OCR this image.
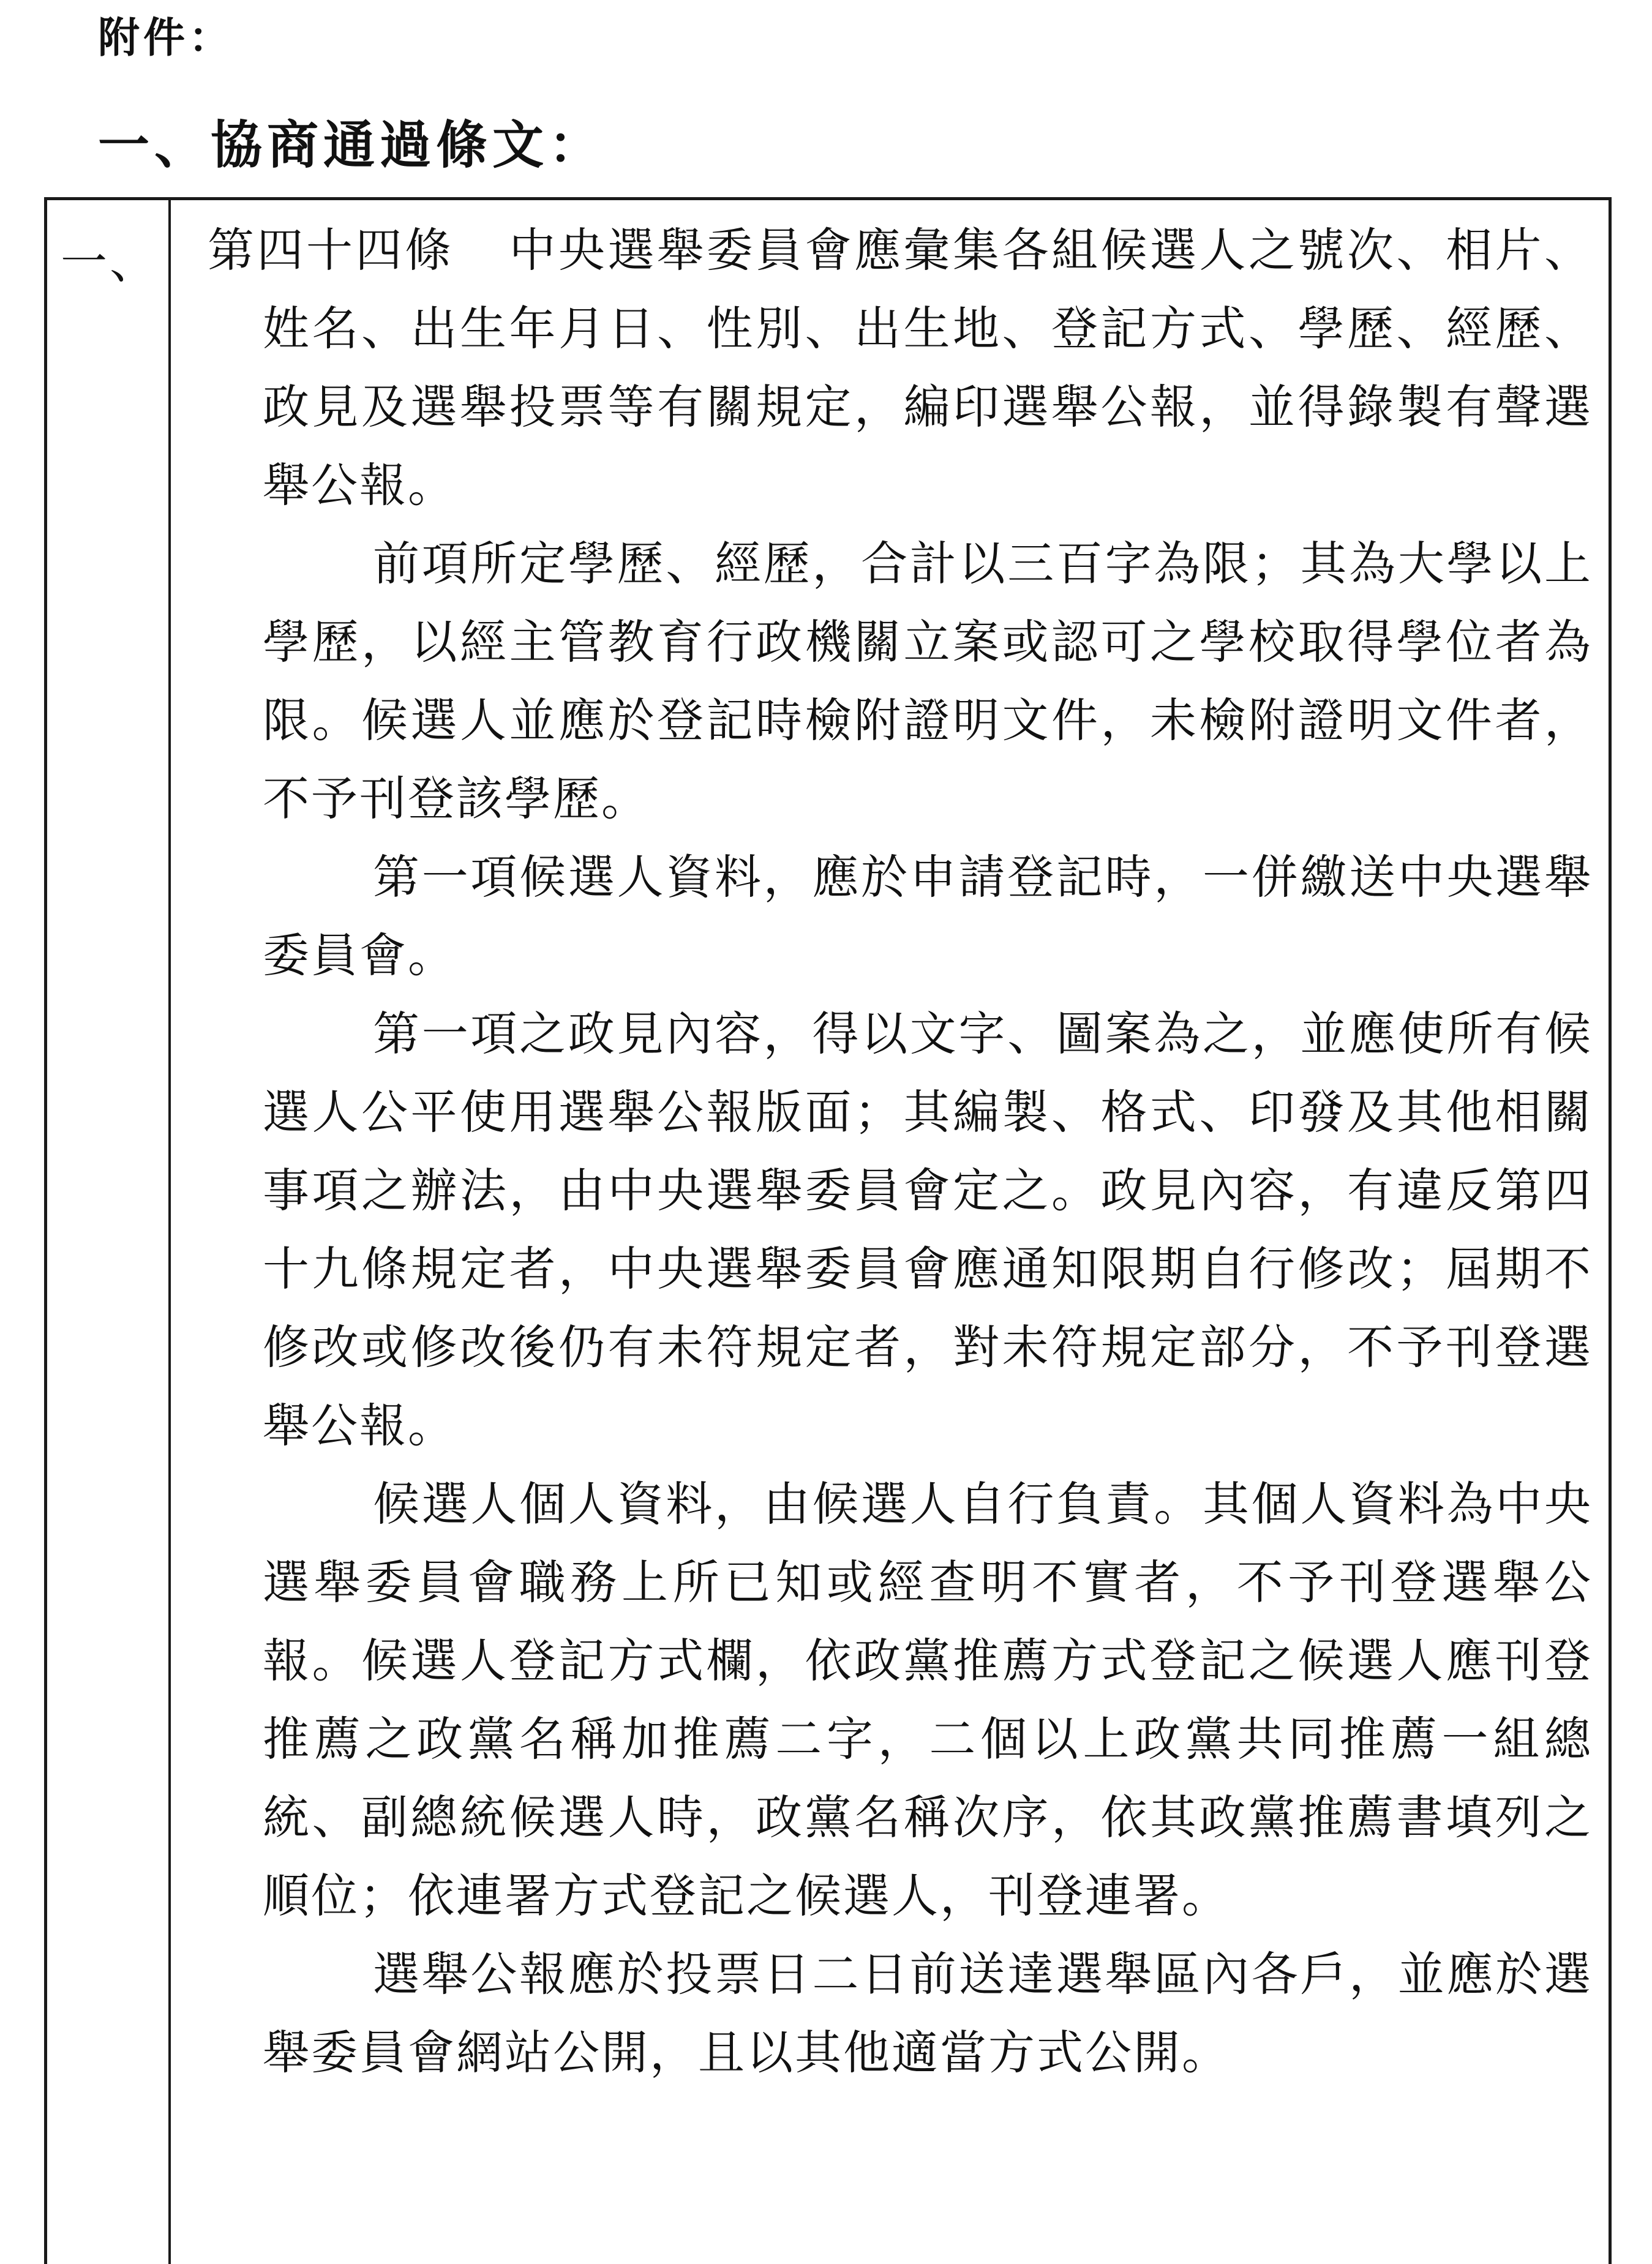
附件：
一、協商通過條文：
一、 第四十四條 中央選舉委員會應彙集各組候選人之號次、相片、姓名、出生年月日、性別、出生地、登記方式、學歷、經歷、政見及選舉投票等有關規定，編印選舉公報，並得錄製有聲選舉公報。

前項所定學歷、經歷，合計以三百字為限；其為大學以上學歷，以經主管教育行政機關立案或認可之學校取得學位者為限。候選人並應於登記時檢附證明文件，未檢附證明文件者，不予刊登該學歷。

第一項候選人資料，應於申請登記時，一併繳送中央選舉委員會。

第一項之政見內容，得以文字、圖案為之，並應使所有候選人公平使用選舉公報版面；其編製、格式、印發及其他相關事項之辦法，由中央選舉委員會定之。政見內容，有違反第四十九條規定者，中央選舉委員會應通知限期自行修改；屆期不修改或修改後仍有未符規定者，對未符規定部分，不予刊登選舉公報。

候選人個人資料，由候選人自行負責。其個人資料為中央選舉委員會職務上所已知或經查明不實者，不予刊登選舉公報。候選人登記方式欄，依政黨推薦方式登記之候選人應刊登推薦之政黨名稱加推薦二字，二個以上政黨共同推薦一組總統、副總統候選人時，政黨名稱次序，依其政黨推薦書填列之順位；依連署方式登記之候選人，刊登連署。

選舉公報應於投票日二日前送達選舉區內各戶，並應於選舉委員會網站公開，且以其他適當方式公開。
